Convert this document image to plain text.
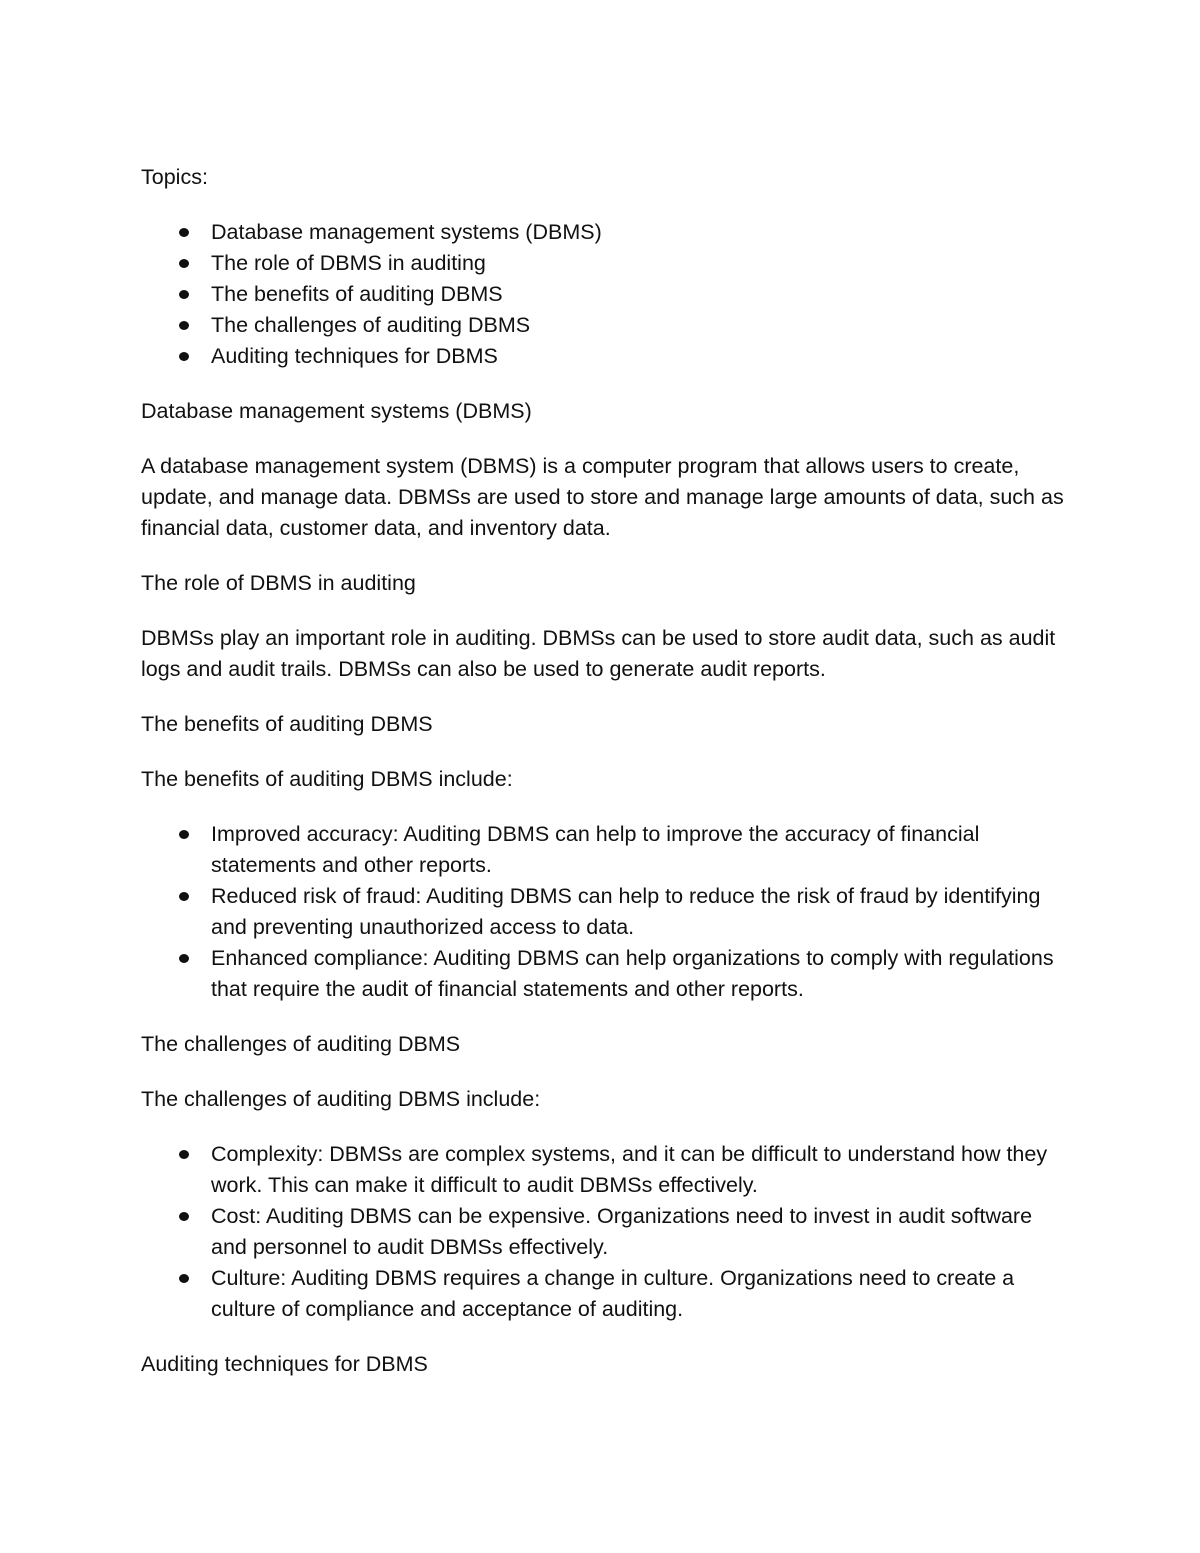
Topics:

Database management systems (DBMS)
The role of DBMS in auditing
The benefits of auditing DBMS
The challenges of auditing DBMS
Auditing techniques for DBMS

Database management systems (DBMS)

A database management system (DBMS) is a computer program that allows users to create, update, and manage data. DBMSs are used to store and manage large amounts of data, such as financial data, customer data, and inventory data.

The role of DBMS in auditing

DBMSs play an important role in auditing. DBMSs can be used to store audit data, such as audit logs and audit trails. DBMSs can also be used to generate audit reports.

The benefits of auditing DBMS

The benefits of auditing DBMS include:

Improved accuracy: Auditing DBMS can help to improve the accuracy of financial statements and other reports.
Reduced risk of fraud: Auditing DBMS can help to reduce the risk of fraud by identifying and preventing unauthorized access to data.
Enhanced compliance: Auditing DBMS can help organizations to comply with regulations that require the audit of financial statements and other reports.

The challenges of auditing DBMS

The challenges of auditing DBMS include:

Complexity: DBMSs are complex systems, and it can be difficult to understand how they work. This can make it difficult to audit DBMSs effectively.
Cost: Auditing DBMS can be expensive. Organizations need to invest in audit software and personnel to audit DBMSs effectively.
Culture: Auditing DBMS requires a change in culture. Organizations need to create a culture of compliance and acceptance of auditing.

Auditing techniques for DBMS
